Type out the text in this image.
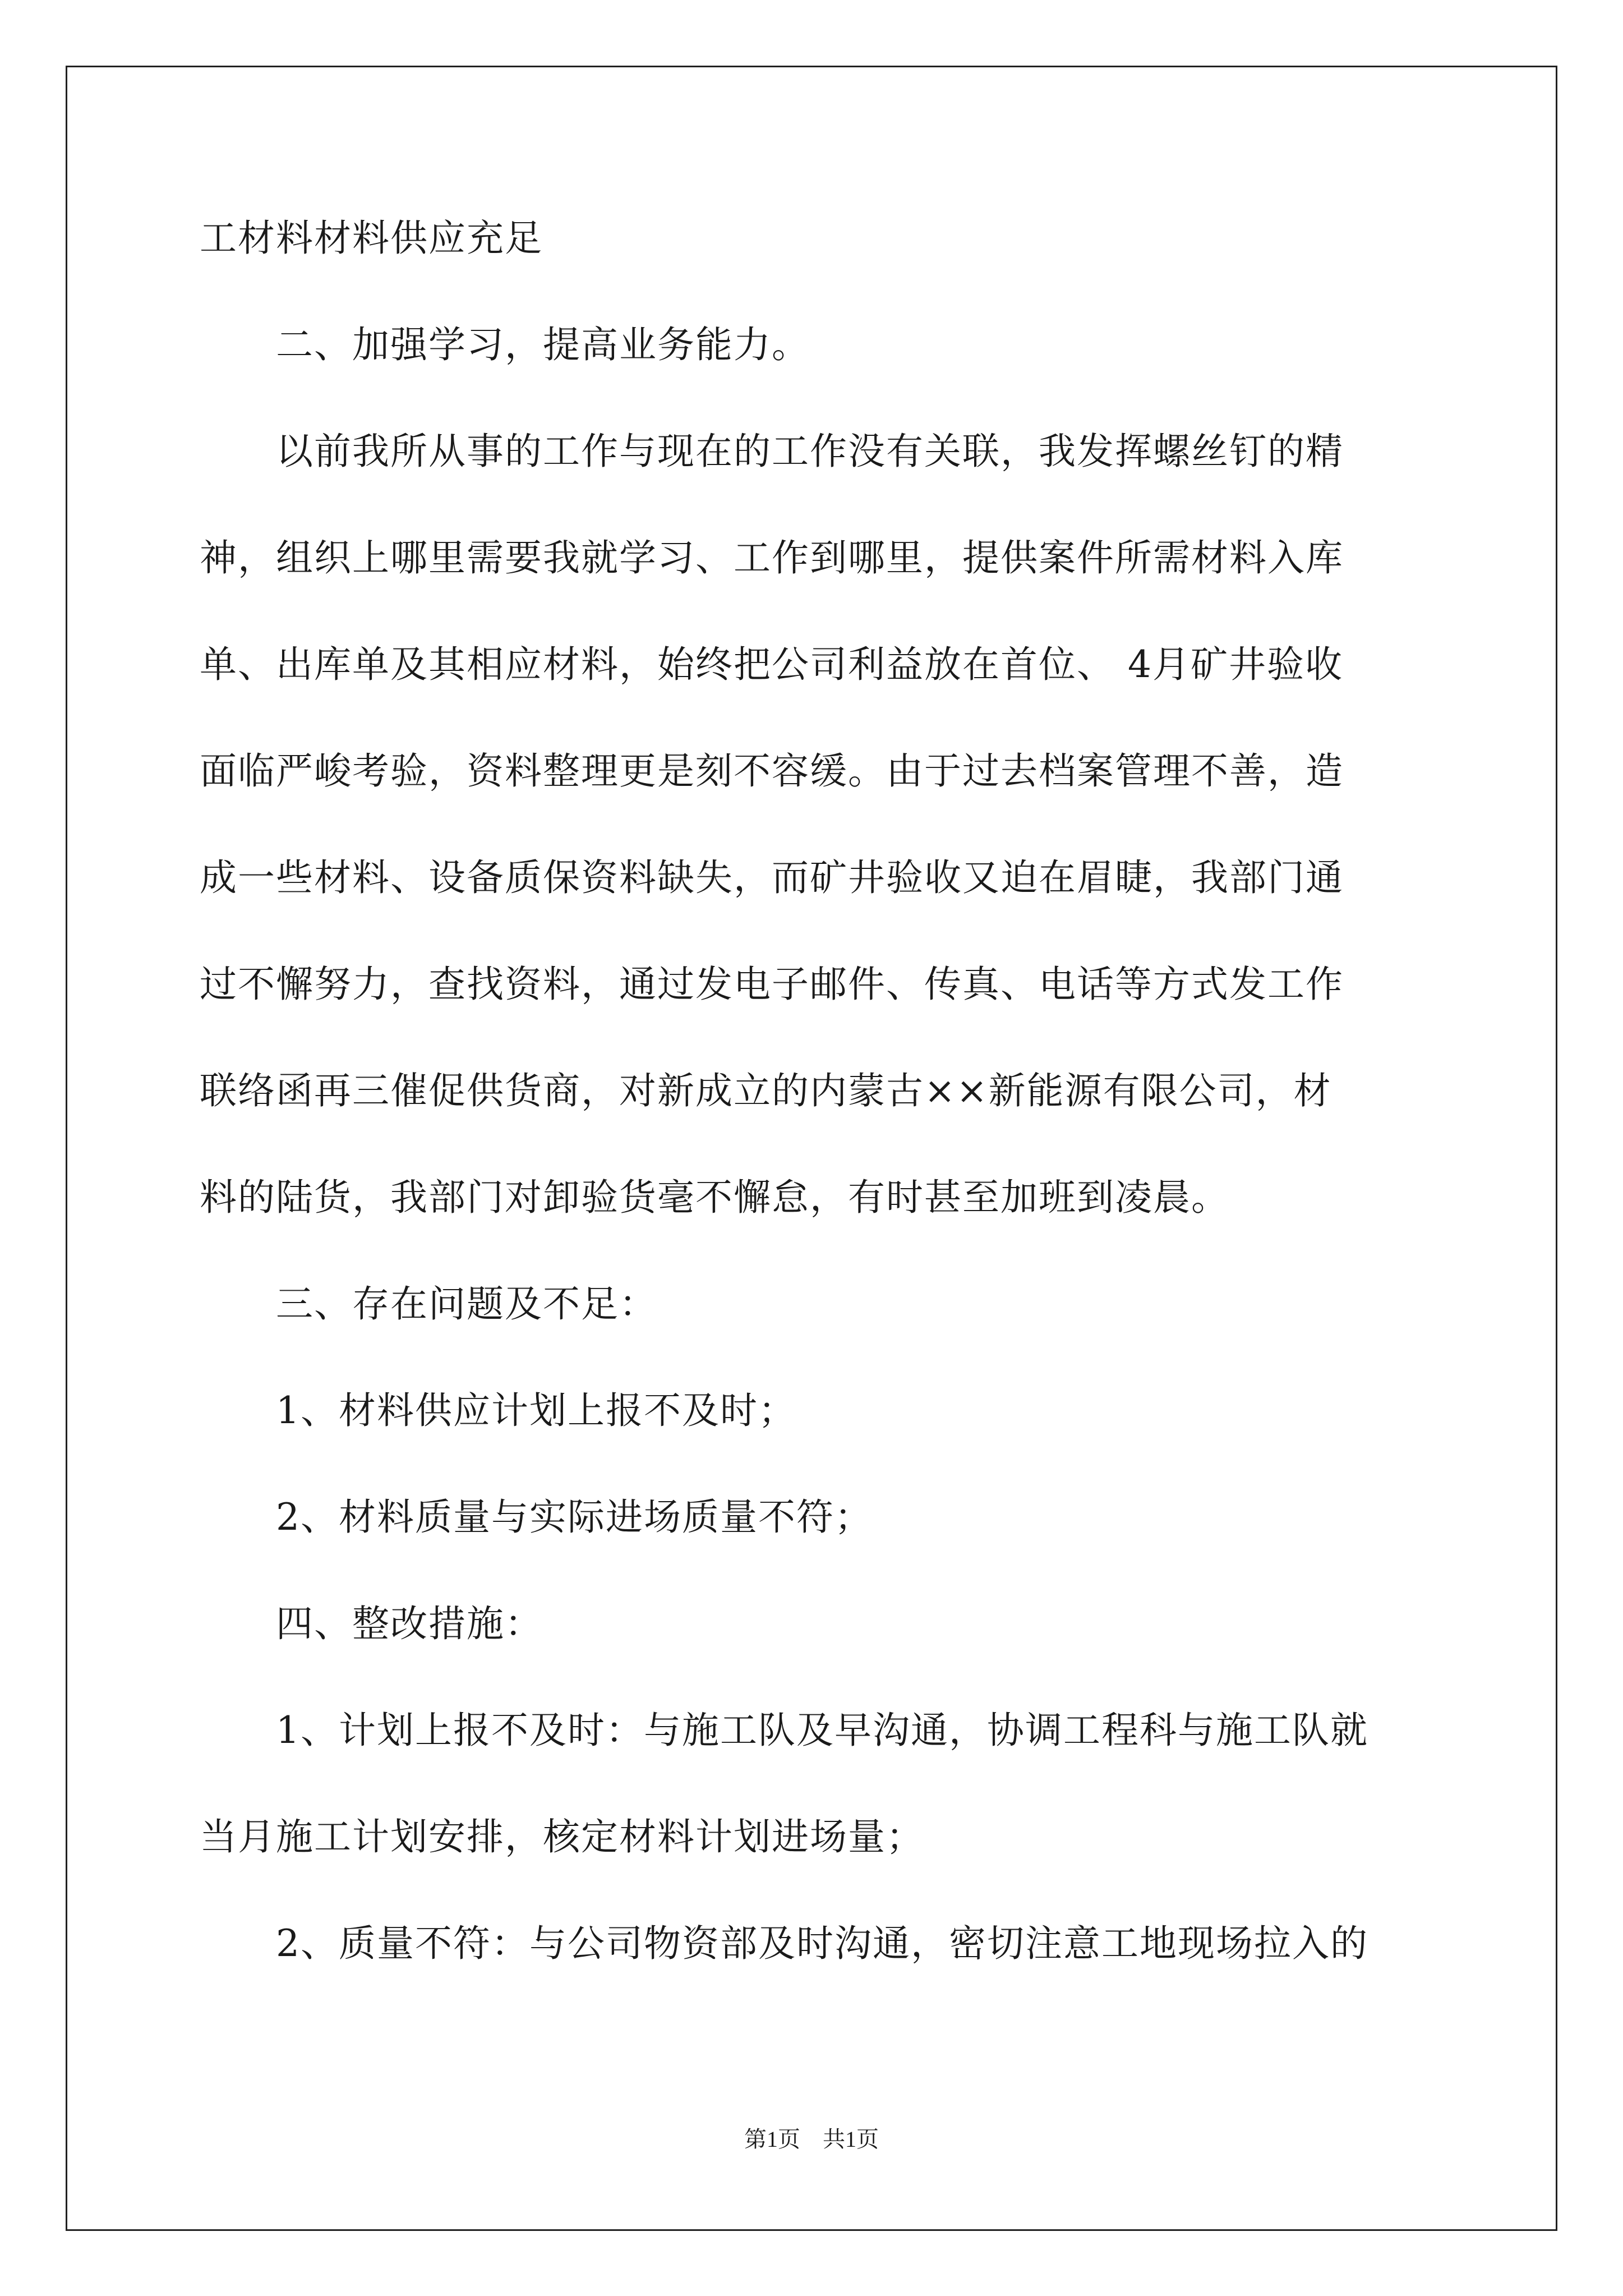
工材料材料供应充足
　　二、加强学习，提高业务能力。
　　以前我所从事的工作与现在的工作没有关联，我发挥螺丝钉的精
神，组织上哪里需要我就学习、工作到哪里，提供案件所需材料入库
单、出库单及其相应材料，始终把公司利益放在首位、 4月矿井验收
面临严峻考验，资料整理更是刻不容缓。由于过去档案管理不善，造
成一些材料、设备质保资料缺失，而矿井验收又迫在眉睫，我部门通
过不懈努力，查找资料，通过发电子邮件、传真、电话等方式发工作
联络函再三催促供货商，对新成立的内蒙古××新能源有限公司，材
料的陆货，我部门对卸验货毫不懈怠，有时甚至加班到凌晨。
　　三、存在问题及不足：
　　1、材料供应计划上报不及时；
　　2、材料质量与实际进场质量不符；
　　四、整改措施：
　　1、计划上报不及时：与施工队及早沟通，协调工程科与施工队就
当月施工计划安排，核定材料计划进场量；
　　2、质量不符：与公司物资部及时沟通，密切注意工地现场拉入的
第1页　共1页
